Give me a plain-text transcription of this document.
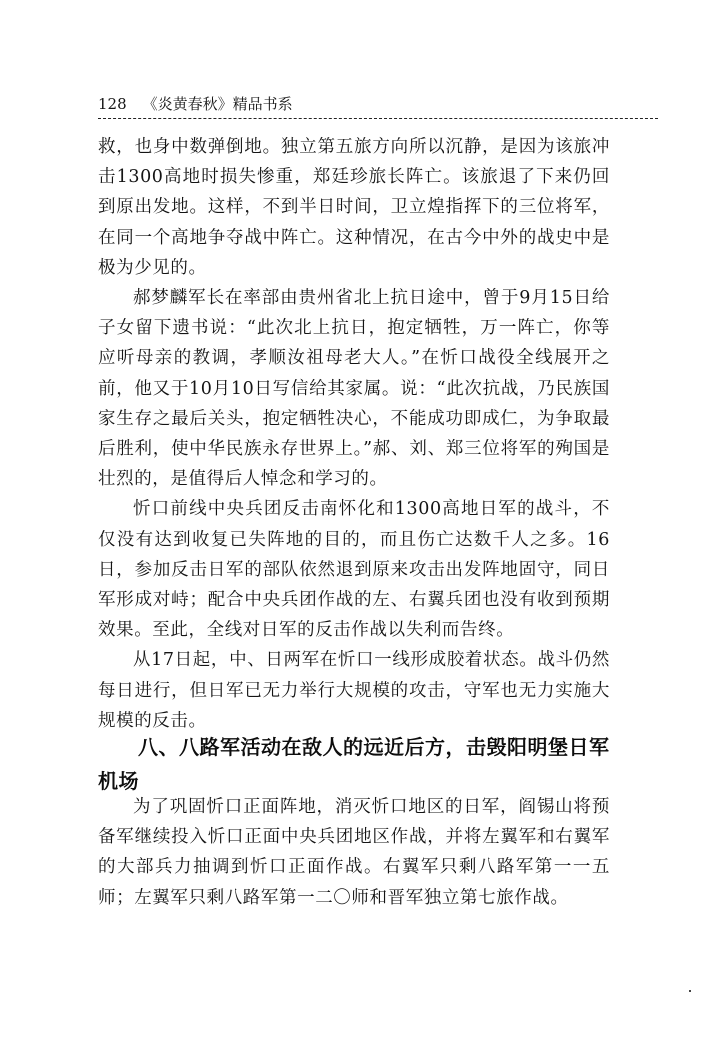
128 《炎黄春秋》精品书系

救，也身中数弹倒地。独立第五旅方向所以沉静，是因为该旅冲击1300高地时损失惨重，郑廷珍旅长阵亡。该旅退了下来仍回到原出发地。这样，不到半日时间，卫立煌指挥下的三位将军，在同一个高地争夺战中阵亡。这种情况，在古今中外的战史中是极为少见的。

郝梦麟军长在率部由贵州省北上抗日途中，曾于9月15日给子女留下遗书说：“此次北上抗日，抱定牺牲，万一阵亡，你等应听母亲的教调，孝顺汝祖母老大人。”在忻口战役全线展开之前，他又于10月10日写信给其家属。说：“此次抗战，乃民族国家生存之最后关头，抱定牺牲决心，不能成功即成仁，为争取最后胜利，使中华民族永存世界上。”郝、刘、郑三位将军的殉国是壮烈的，是值得后人悼念和学习的。

忻口前线中央兵团反击南怀化和1300高地日军的战斗，不仅没有达到收复已失阵地的目的，而且伤亡达数千人之多。16日，参加反击日军的部队依然退到原来攻击出发阵地固守，同日军形成对峙；配合中央兵团作战的左、右翼兵团也没有收到预期效果。至此，全线对日军的反击作战以失利而告终。

从17日起，中、日两军在忻口一线形成胶着状态。战斗仍然每日进行，但日军已无力举行大规模的攻击，守军也无力实施大规模的反击。

八、八路军活动在敌人的远近后方，击毁阳明堡日军机场

为了巩固忻口正面阵地，消灭忻口地区的日军，阎锡山将预备军继续投入忻口正面中央兵团地区作战，并将左翼军和右翼军的大部兵力抽调到忻口正面作战。右翼军只剩八路军第一一五师；左翼军只剩八路军第一二〇师和晋军独立第七旅作战。
